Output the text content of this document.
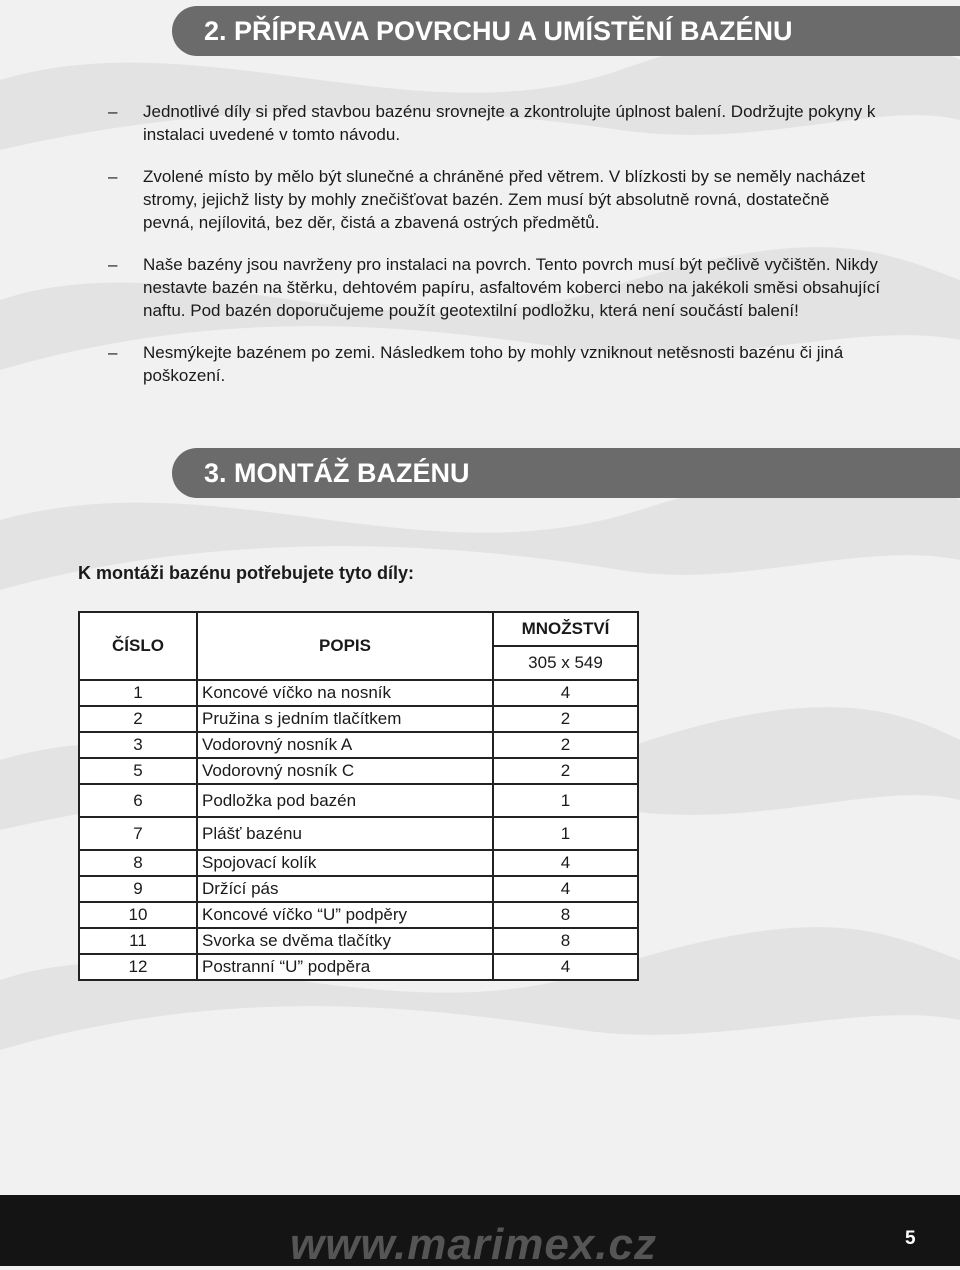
2. PŘÍPRAVA POVRCHU A UMÍSTĚNÍ BAZÉNU
–	Jednotlivé díly si před stavbou bazénu srovnejte a zkontrolujte úplnost balení. Dodržujte pokyny k instalaci uvedené v tomto návodu.
–	Zvolené místo by mělo být slunečné a chráněné před větrem. V blízkosti by se neměly nacházet stromy, jejichž listy by mohly znečišťovat bazén. Zem musí být absolutně rovná, dostatečně pevná, nejílovitá, bez děr, čistá a zbavená ostrých předmětů.
–	Naše bazény jsou navrženy pro instalaci na povrch. Tento povrch musí být pečlivě vyčištěn. Nikdy nestavte bazén na štěrku, dehtovém papíru, asfaltovém koberci nebo na jakékoli směsi obsahující naftu. Pod bazén doporučujeme použít geotextilní podložku, která není součástí balení!
–	Nesmýkejte bazénem po zemi. Následkem toho by mohly vzniknout netěsnosti bazénu či jiná poškození.
3. MONTÁŽ BAZÉNU

K montáži bazénu potřebujete tyto díly:

ČÍSLO	POPIS	MNOŽSTVÍ
		305 x 549
1	Koncové víčko na nosník	4
2	Pružina s jedním tlačítkem	2
3	Vodorovný nosník A	2
5	Vodorovný nosník C	2
6	Podložka pod bazén	1
7	Plášť bazénu	1
8	Spojovací kolík	4
9	Držící pás	4
10	Koncové víčko “U” podpěry	8
11	Svorka se dvěma tlačítky	8
12	Postranní “U” podpěra	4
www.marimex.cz	5
